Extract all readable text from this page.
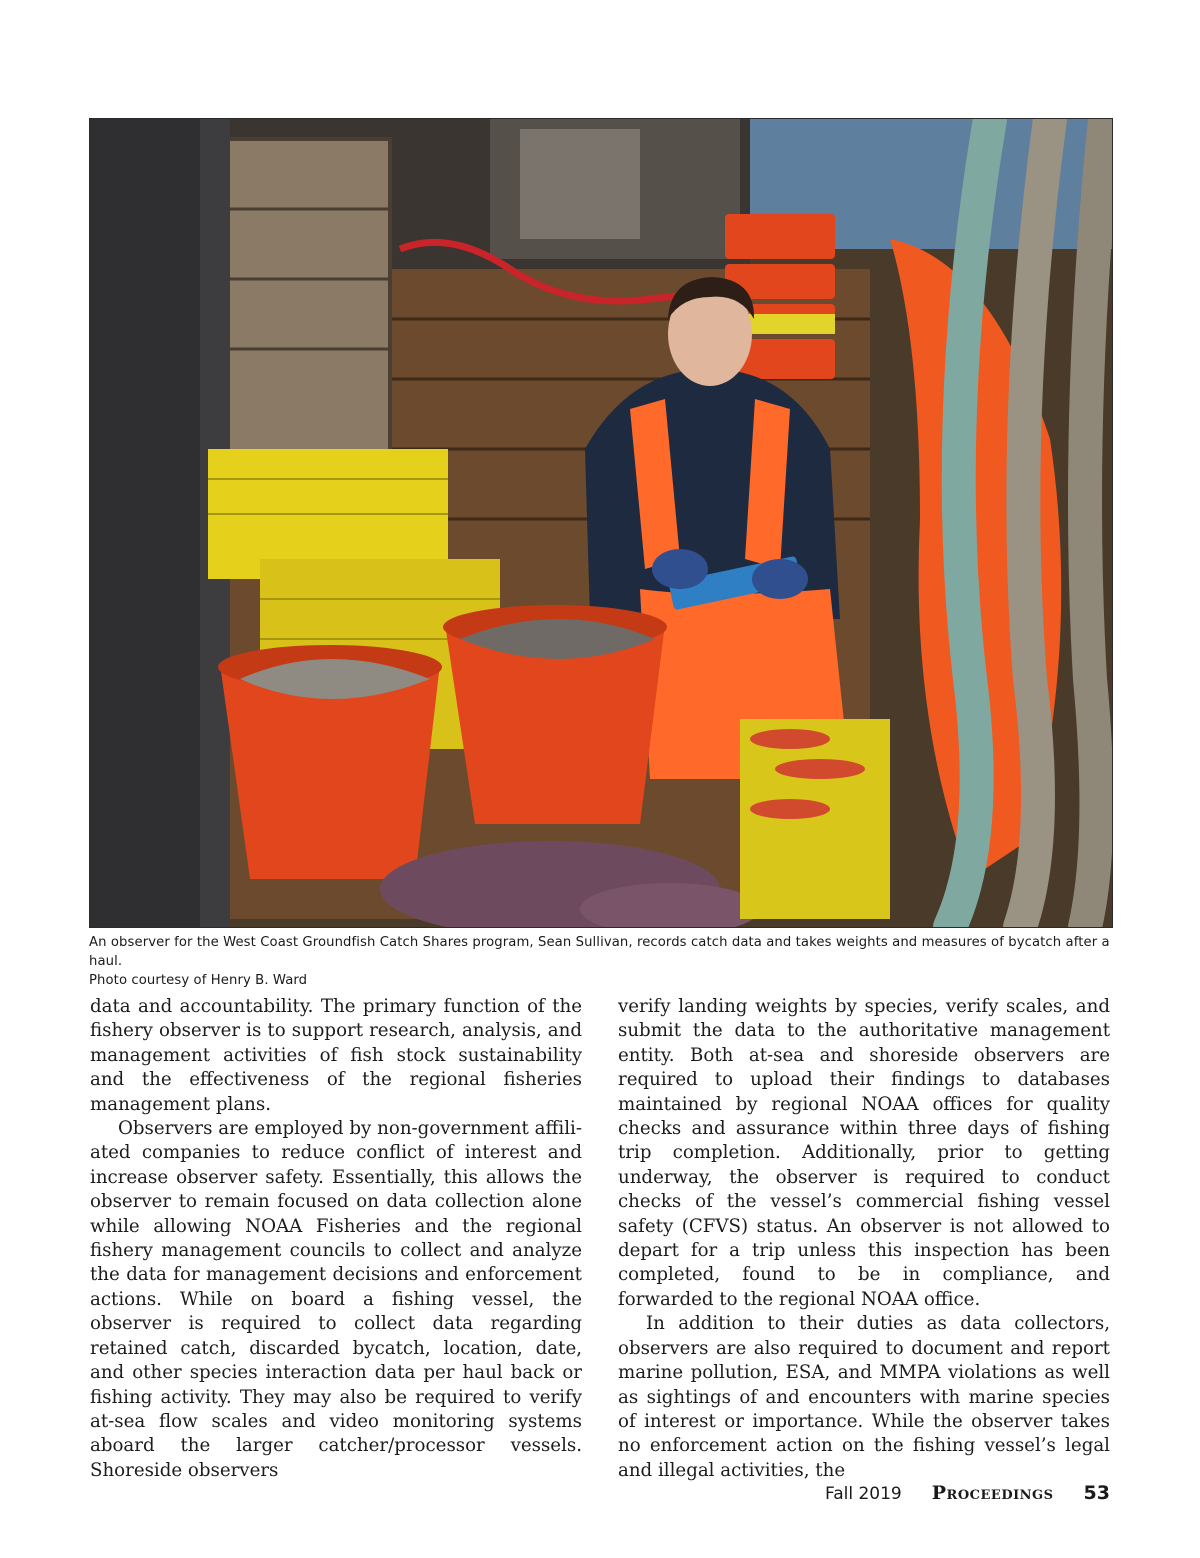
An observer for the West Coast Groundfish Catch Shares program, Sean Sullivan, records catch data and takes weights and measures of bycatch after a haul.

Photo courtesy of Henry B. Ward

data and accountability. The primary function of the fishery observer is to support research, analysis, and management activities of fish stock sustainability and the effectiveness of the regional fisheries management plans.

Observers are employed by non-government affiliated companies to reduce conflict of interest and increase observer safety. Essentially, this allows the observer to remain focused on data collection alone while allowing NOAA Fisheries and the regional fishery management councils to collect and analyze the data for management decisions and enforcement actions. While on board a fishing vessel, the observer is required to collect data regarding retained catch, discarded bycatch, location, date, and other species interaction data per haul back or fishing activity. They may also be required to verify at-sea flow scales and video monitoring systems aboard the larger catcher/processor vessels. Shoreside observers

verify landing weights by species, verify scales, and submit the data to the authoritative management entity. Both at-sea and shoreside observers are required to upload their findings to databases maintained by regional NOAA offices for quality checks and assurance within three days of fishing trip completion. Additionally, prior to getting underway, the observer is required to conduct checks of the vessel’s commercial fishing vessel safety (CFVS) status. An observer is not allowed to depart for a trip unless this inspection has been completed, found to be in compliance, and forwarded to the regional NOAA office.

In addition to their duties as data collectors, observers are also required to document and report marine pollution, ESA, and MMPA violations as well as sightings of and encounters with marine species of interest or importance. While the observer takes no enforcement action on the fishing vessel’s legal and illegal activities, the

Fall 2019 Proceedings 53
